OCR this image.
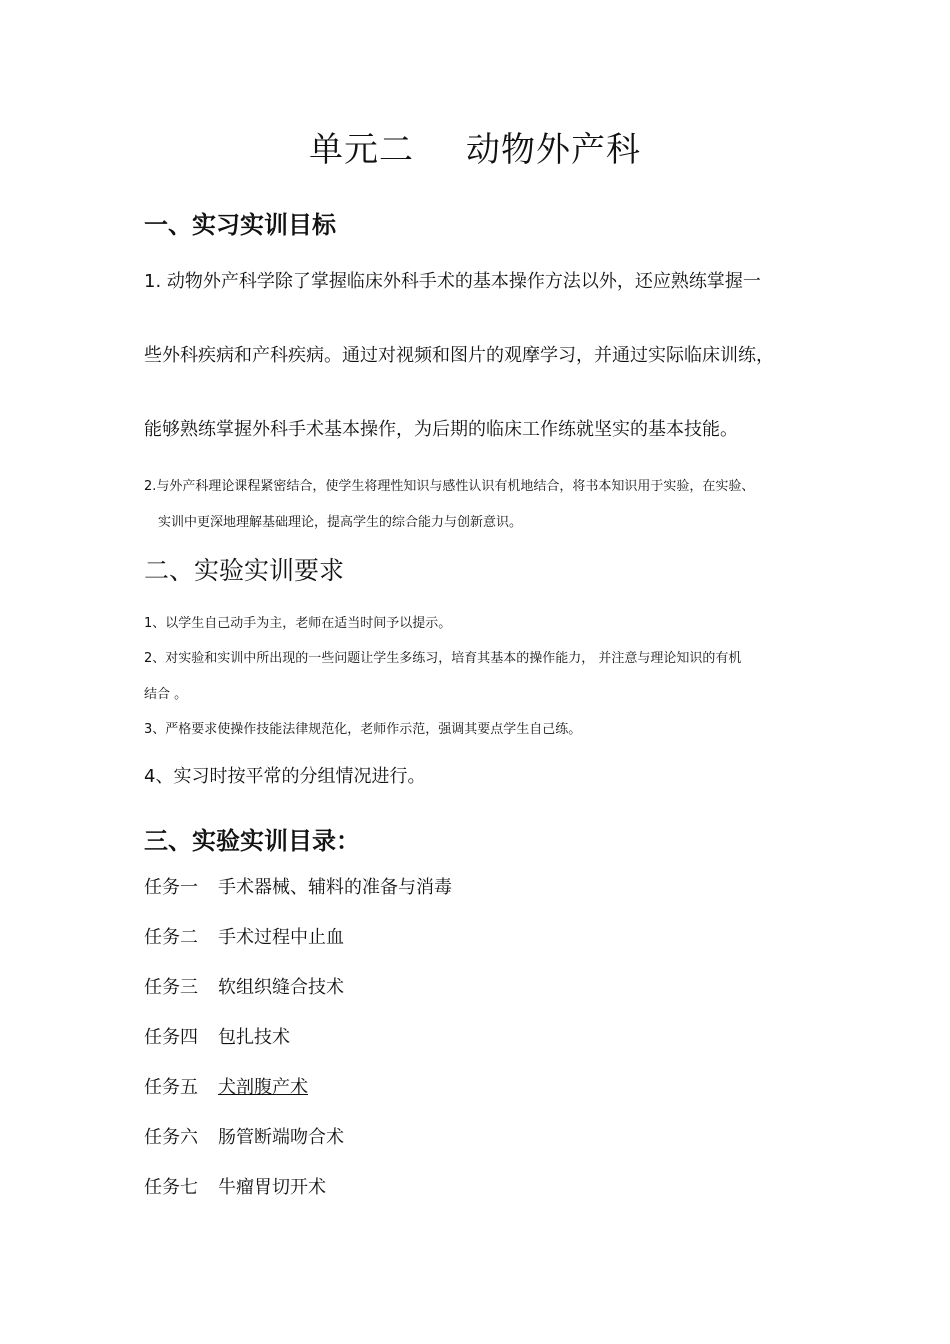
单元二 动物外产科
一、实习实训目标
1. 动物外产科学除了掌握临床外科手术的基本操作方法以外，还应熟练掌握一
些外科疾病和产科疾病。通过对视频和图片的观摩学习，并通过实际临床训练，
能够熟练掌握外科手术基本操作，为后期的临床工作练就坚实的基本技能。
2.与外产科理论课程紧密结合，使学生将理性知识与感性认识有机地结合，将书本知识用于实验，在实验、
实训中更深地理解基础理论，提高学生的综合能力与创新意识。
二、实验实训要求
1、以学生自己动手为主，老师在适当时间予以提示。
2、对实验和实训中所出现的一些问题让学生多练习，培育其基本的操作能力， 并注意与理论知识的有机
结合 。
3、严格要求使操作技能法律规范化，老师作示范，强调其要点学生自己练。
4、实习时按平常的分组情况进行。
三、实验实训目录：
任务一 手术器械、辅料的准备与消毒
任务二 手术过程中止血
任务三 软组织缝合技术
任务四 包扎技术
任务五 犬剖腹产术
任务六 肠管断端吻合术
任务七 牛瘤胃切开术
